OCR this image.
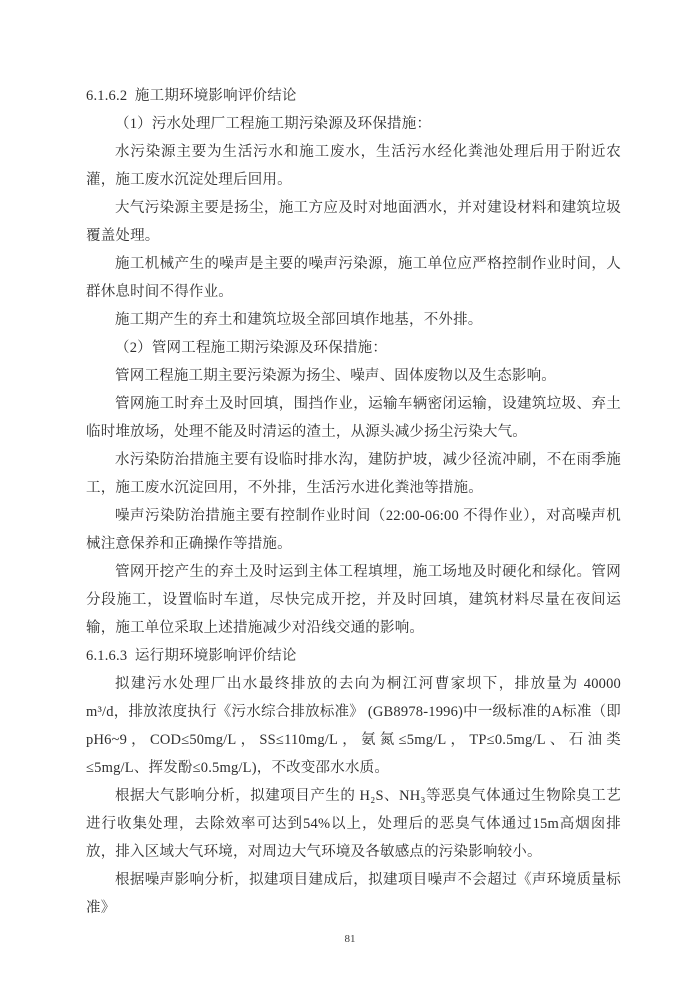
6.1.6.2  施工期环境影响评价结论

（1）污水处理厂工程施工期污染源及环保措施：

水污染源主要为生活污水和施工废水，生活污水经化粪池处理后用于附近农灌，施工废水沉淀处理后回用。

大气污染源主要是扬尘，施工方应及时对地面洒水，并对建设材料和建筑垃圾覆盖处理。

施工机械产生的噪声是主要的噪声污染源，施工单位应严格控制作业时间，人群休息时间不得作业。

施工期产生的弃土和建筑垃圾全部回填作地基，不外排。

（2）管网工程施工期污染源及环保措施：

管网工程施工期主要污染源为扬尘、噪声、固体废物以及生态影响。

管网施工时弃土及时回填，围挡作业，运输车辆密闭运输，设建筑垃圾、弃土临时堆放场，处理不能及时清运的渣土，从源头减少扬尘污染大气。

水污染防治措施主要有设临时排水沟，建防护坡，减少径流冲刷，不在雨季施工，施工废水沉淀回用，不外排，生活污水进化粪池等措施。

噪声污染防治措施主要有控制作业时间（22:00-06:00 不得作业），对高噪声机械注意保养和正确操作等措施。

管网开挖产生的弃土及时运到主体工程填埋，施工场地及时硬化和绿化。管网分段施工，设置临时车道，尽快完成开挖，并及时回填，建筑材料尽量在夜间运输，施工单位采取上述措施减少对沿线交通的影响。

6.1.6.3  运行期环境影响评价结论

拟建污水处理厂出水最终排放的去向为桐江河曹家坝下，排放量为 40000 m³/d，排放浓度执行《污水综合排放标准》 (GB8978-1996)中一级标准的A标准（即 pH6~9，COD≤50mg/L，SS≤110mg/L，氨氮≤5mg/L，TP≤0.5mg/L、石油类≤5mg/L、挥发酚≤0.5mg/L)，不改变邵水水质。

根据大气影响分析，拟建项目产生的 H₂S、NH₃等恶臭气体通过生物除臭工艺进行收集处理，去除效率可达到54%以上，处理后的恶臭气体通过15m高烟囱排放，排入区域大气环境，对周边大气环境及各敏感点的污染影响较小。

根据噪声影响分析，拟建项目建成后，拟建项目噪声不会超过《声环境质量标准》

81
